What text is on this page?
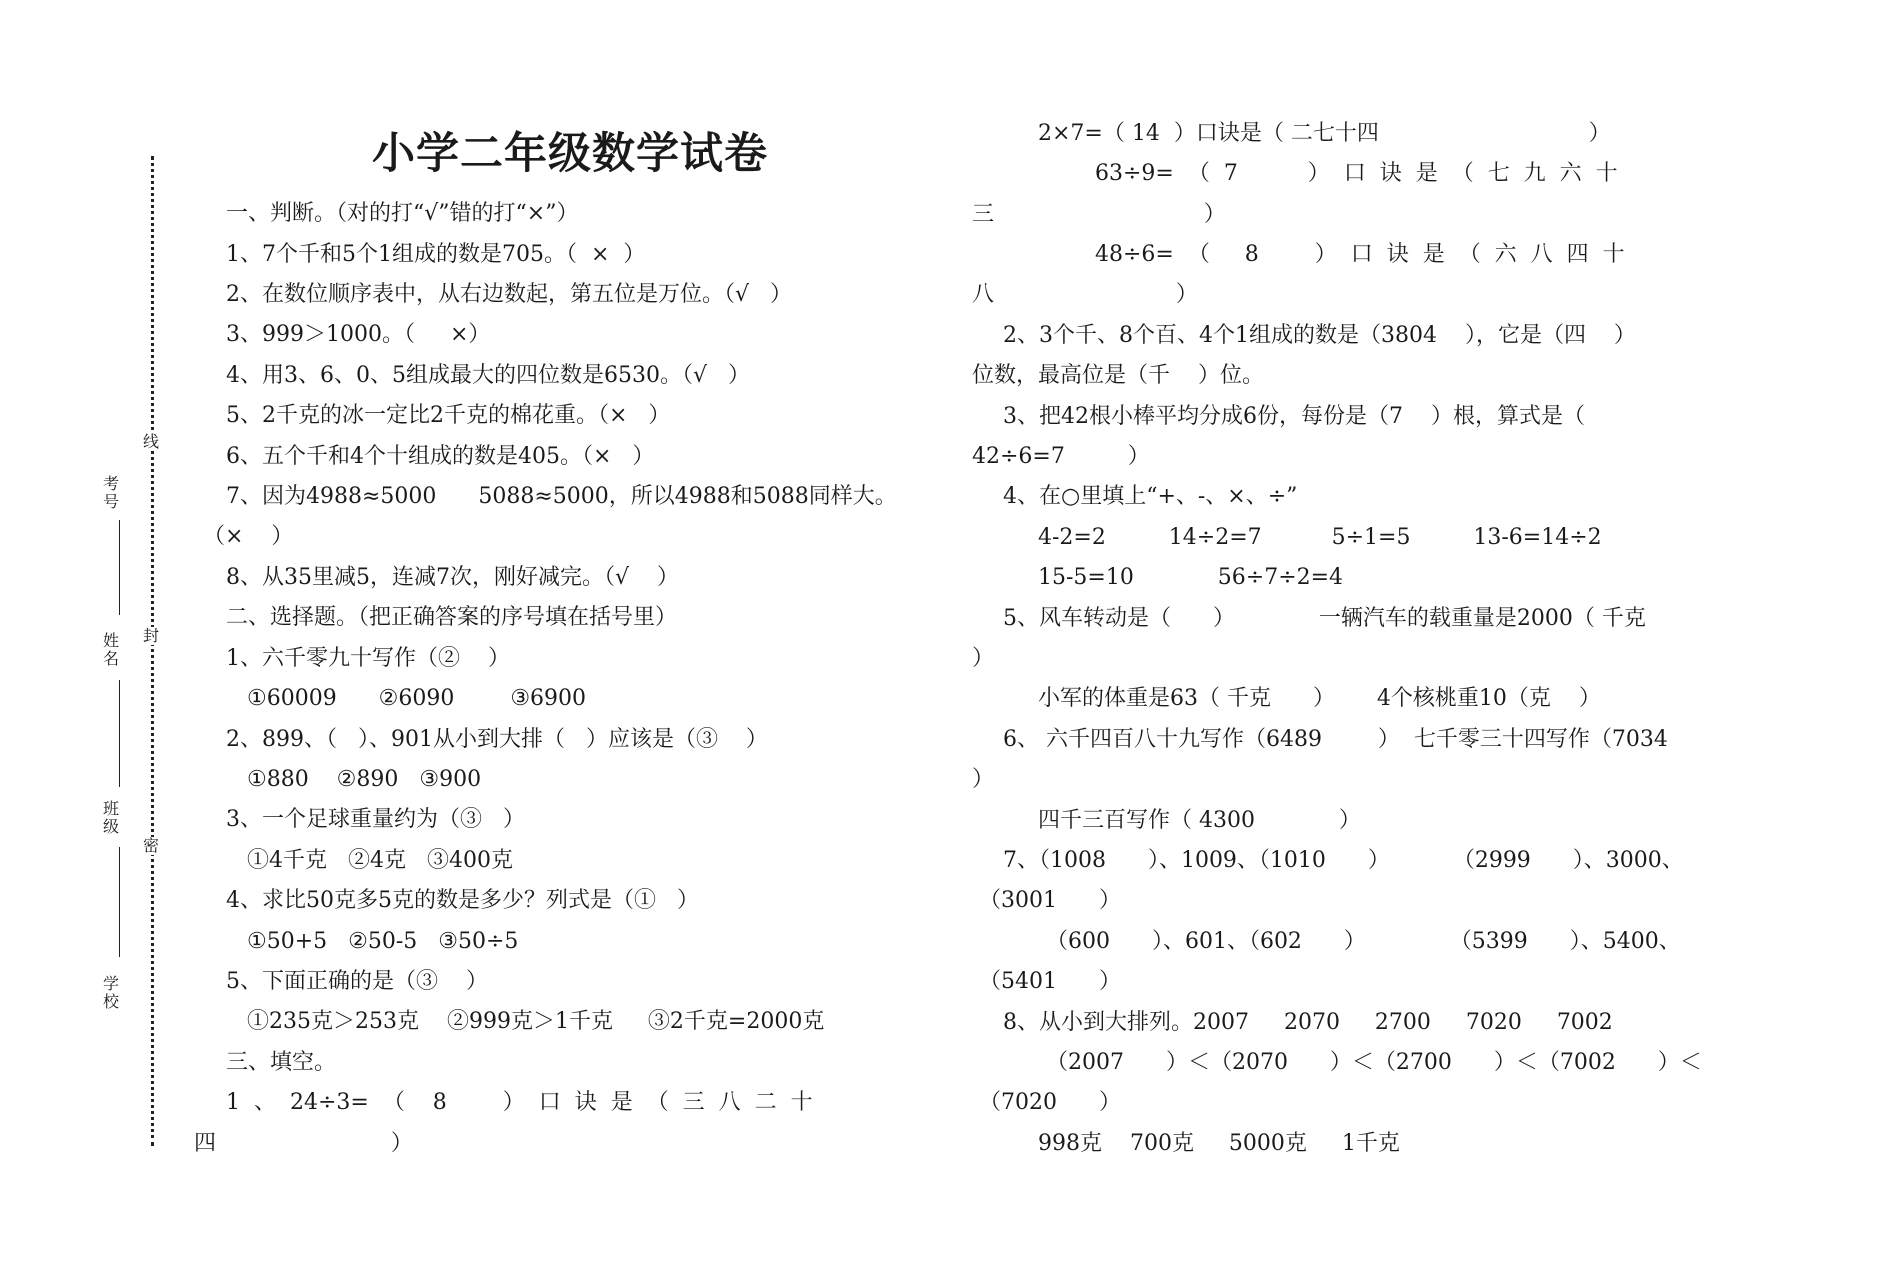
线
封
密
考号
姓名
班级
学校
小学二年级数学试卷
一、判断。（对的打“√”错的打“×”）
1、7个千和5个1组成的数是705。（  ×  ）
2、在数位顺序表中，从右边数起，第五位是万位。（√   ）
3、999＞1000。（     ×）
4、用3、6、0、5组成最大的四位数是6530。（√   ）
5、2千克的冰一定比2千克的棉花重。（×   ）
6、五个千和4个十组成的数是405。（×   ）
7、因为4988≈5000      5088≈5000，所以4988和5088同样大。
（×    ）
8、从35里减5，连减7次，刚好减完。（√    ）
二、选择题。（把正确答案的序号填在括号里）
1、六千零九十写作（②    ）
①60009      ②6090        ③6900
2、899、（   ）、901从小到大排（   ）应该是（③    ）
①880    ②890   ③900
3、一个足球重量约为（③   ）
①4千克   ②4克   ③400克
4、求比50克多5克的数是多少？列式是（①   ）
①50+5   ②50-5   ③50÷5
5、下面正确的是（③    ）
①235克＞253克    ②999克＞1千克     ③2千克=2000克
三、填空。
1  、  24÷3=  （    8        ）  口  诀  是  （  三  八  二  十
四                         ）
2×7=（ 14  ）口诀是（ 二七十四                              ）
63÷9=  （  7          ）  口  诀  是  （  七  九  六  十
三                              ）
48÷6=  （     8        ）  口  诀  是  （  六  八  四  十
八                          ）
2、3个千、8个百、4个1组成的数是（3804    ），它是（四    ）
位数，最高位是（千    ）位。
3、把42根小棒平均分成6份，每份是（7    ）根，算式是（
42÷6=7         ）
4、在○里填上“+、-、×、÷”
4-2=2         14÷2=7          5÷1=5         13-6=14÷2
15-5=10            56÷7÷2=4
5、风车转动是（      ）            一辆汽车的载重量是2000（ 千克
）
小军的体重是63（ 千克      ）      4个核桃重10（克    ）
6、 六千四百八十九写作（6489        ）  七千零三十四写作（7034
）
四千三百写作（ 4300            ）
7、（1008      ）、1009、（1010      ）         （2999      ）、3000、
（3001      ）
（600      ）、601、（602      ）            （5399      ）、5400、
（5401      ）
8、从小到大排列。2007     2070     2700     7020     7002
（2007      ）＜（2070      ）＜（2700      ）＜（7002      ）＜
（7020      ）
998克    700克     5000克     1千克
